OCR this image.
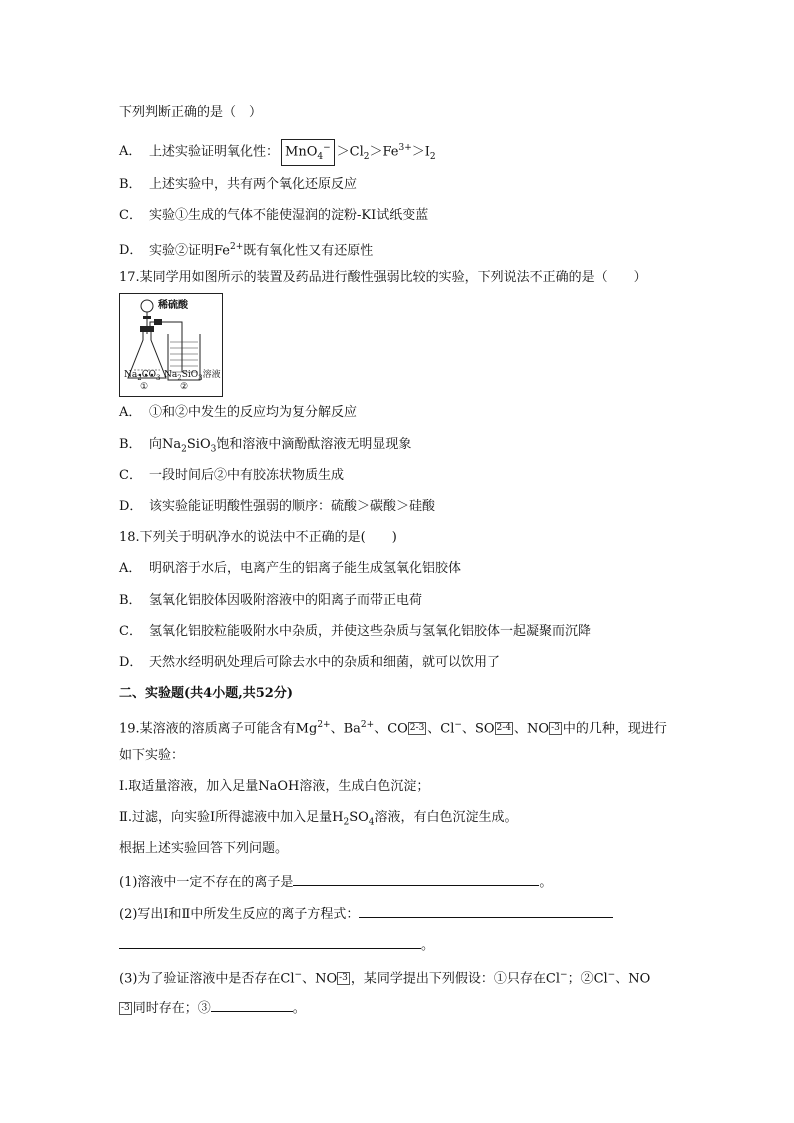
下列判断正确的是（　）
A． 上述实验证明氧化性： $MnO_4^- >Cl_2>Fe^{3+}>I_2$
B． 上述实验中，共有两个氧化还原反应
C． 实验①生成的气体不能使湿润的淀粉-KI试纸变蓝
D． 实验②证明$Fe^{2+}$既有氧化性又有还原性
17.某同学用如图所示的装置及药品进行酸性强弱比较的实验，下列说法不正确的是（　　）
稀硫酸
$Na_2CO_3$ $Na_2SiO_3$溶液
①	②
A． ①和②中发生的反应均为复分解反应
B． 向$Na_2SiO_3$饱和溶液中滴酚酞溶液无明显现象
C． 一段时间后②中有胶冻状物质生成
D． 该实验能证明酸性强弱的顺序：硫酸＞碳酸＞硅酸
18.下列关于明矾净水的说法中不正确的是(　　)
A． 明矾溶于水后，电离产生的铝离子能生成氢氧化铝胶体
B． 氢氧化铝胶体因吸附溶液中的阳离子而带正电荷
C． 氢氧化铝胶粒能吸附水中杂质，并使这些杂质与氢氧化铝胶体一起凝聚而沉降
D． 天然水经明矾处理后可除去水中的杂质和细菌，就可以饮用了
二、实验题(共4小题,共52分)
19.某溶液的溶质离子可能含有$Mg^{2+}$、$Ba^{2+}$、CO 2-3 、Cl−、SO 2-4 、NO -3 中的几种，现进行
如下实验：
Ⅰ.取适量溶液，加入足量NaOH溶液，生成白色沉淀；
Ⅱ.过滤，向实验Ⅰ所得滤液中加入足量$H_2SO_4$溶液，有白色沉淀生成。
根据上述实验回答下列问题。
(1)溶液中一定不存在的离子是	。
(2)写出Ⅰ和Ⅱ中所发生反应的离子方程式：
。
(3)为了验证溶液中是否存在Cl−、NO -3 ，某同学提出下列假设：①只存在Cl−；②Cl−、NO
-3 同时存在；③	。
